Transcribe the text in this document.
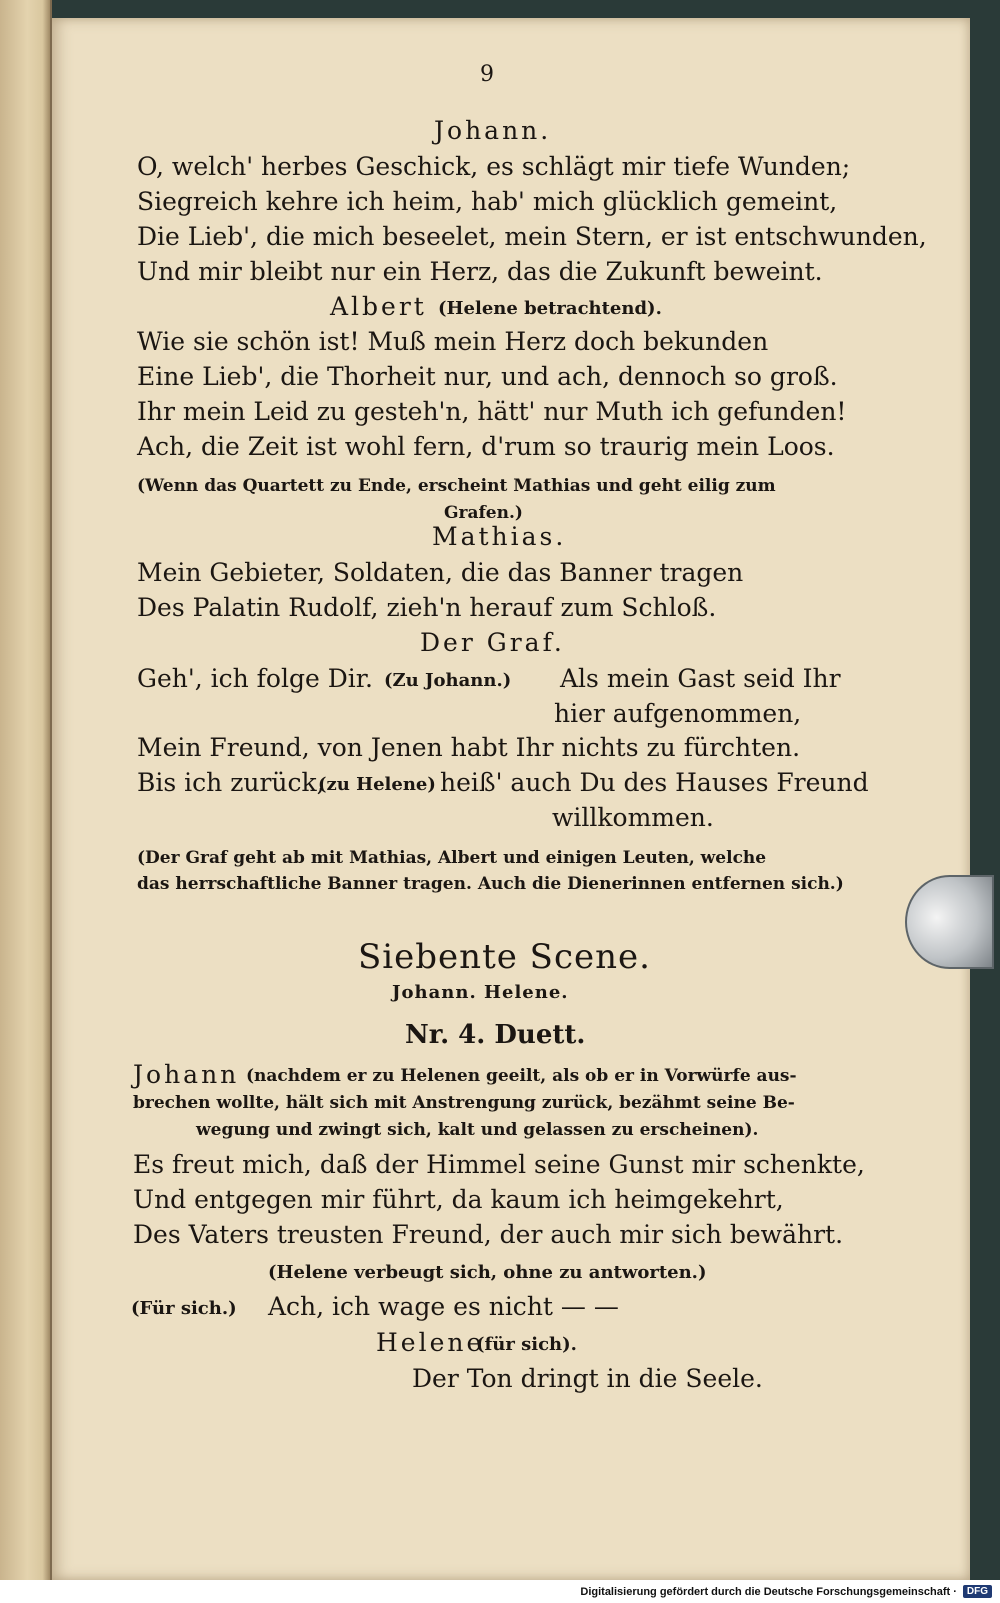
9
Johann.
O, welch' herbes Geschick, es schlägt mir tiefe Wunden;
Siegreich kehre ich heim, hab' mich glücklich gemeint,
Die Lieb', die mich beseelet, mein Stern, er ist entschwunden,
Und mir bleibt nur ein Herz, das die Zukunft beweint.
Albert (Helene betrachtend).
Wie sie schön ist! Muß mein Herz doch bekunden
Eine Lieb', die Thorheit nur, und ach, dennoch so groß.
Ihr mein Leid zu gesteh'n, hätt' nur Muth ich gefunden!
Ach, die Zeit ist wohl fern, d'rum so traurig mein Loos.
(Wenn das Quartett zu Ende, erscheint Mathias und geht eilig zum
Grafen.)
Mathias.
Mein Gebieter, Soldaten, die das Banner tragen
Des Palatin Rudolf, zieh'n herauf zum Schloß.
Der Graf.
Geh', ich folge Dir. (Zu Johann.) Als mein Gast seid Ihr
hier aufgenommen,
Mein Freund, von Jenen habt Ihr nichts zu fürchten.
Bis ich zurück,
(zu Helene) heiß' auch Du des Hauses Freund
willkommen.
(Der Graf geht ab mit Mathias, Albert und einigen Leuten, welche
das herrschaftliche Banner tragen. Auch die Dienerinnen entfernen sich.)
Siebente Scene.
Johann. Helene.
Nr. 4. Duett.
Johann (nachdem er zu Helenen geeilt, als ob er in Vorwürfe aus-
brechen wollte, hält sich mit Anstrengung zurück, bezähmt seine Be-
wegung und zwingt sich, kalt und gelassen zu erscheinen).
Es freut mich, daß der Himmel seine Gunst mir schenkte,
Und entgegen mir führt, da kaum ich heimgekehrt,
Des Vaters treusten Freund, der auch mir sich bewährt.
(Helene verbeugt sich, ohne zu antworten.)
(Für sich.) Ach, ich wage es nicht — —
Helene
(für sich).
Der Ton dringt in die Seele.
Digitalisierung gefördert durch die Deutsche Forschungsgemeinschaft ·	DFG
